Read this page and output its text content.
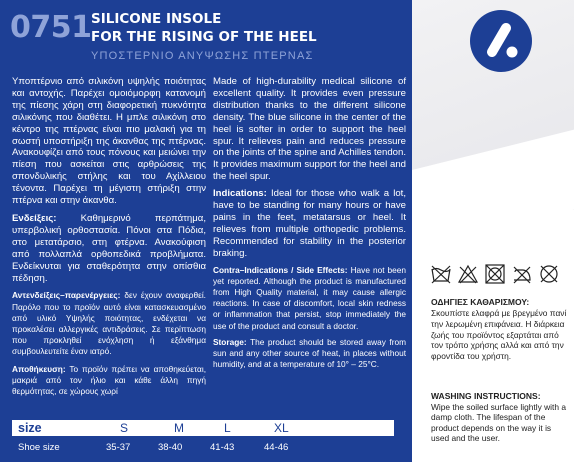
0751 SILICONE INSOLE
FOR THE RISING OF THE HEEL
ΥΠΟΣΤΕΡΝΙΟ ΑΝΥΨΩΣΗΣ ΠΤΕΡΝΑΣ

Υποπτέρνιο από σιλικόνη υψηλής ποιότητας και αντοχής. Παρέχει ομοιόμορφη κατανομή της πίεσης χάρη στη διαφορετική πυκνότητα σιλικόνης που διαθέτει. Η μπλε σιλικόνη στο κέντρο της πτέρνας είναι πιο μαλακή για τη σωστή υποστήριξη της άκανθας της πτέρνας. Ανακουφίζει από τους πόνους και μειώνει την πίεση που ασκείται στις αρθρώσεις της σπονδυλικής στήλης και του Αχίλλειου τένοντα. Παρέχει τη μέγιστη στήριξη στην πτέρνα και στην άκανθα.

Ενδείξεις:	Καθημερινό περπάτημα, υπερβολική ορθοστασία. Πόνοι στα Πόδια, στο μετατάρσιο, στη φτέρνα. Ανακούφιση από πολλαπλά ορθοπεδικά προβλήματα. Ενδείκνυται για σταθερότητα στην οπίσθια πέδηση.

Αντενδείξεις–παρενέργειες: δεν έχουν αναφερθεί. Παρόλο που το προϊόν αυτό είναι κατασκευασμένο από υλικό Υψηλής ποιότητας, ενδέχεται να προκαλέσει αλλεργικές αντιδράσεις. Σε περίπτωση που προκληθεί ενόχληση ή εξάνθημα συμβουλευτείτε έναν ιατρό.

Αποθήκευση: Το προϊόν πρέπει να αποθηκεύεται, μακριά από τον ήλιο και κάθε άλλη πηγή θερμότητας, σε χώρους χωρί

Made of high-durability medical silicone of excellent quality. It provides even pressure distribution thanks to the different silicone density. The blue silicone in the center of the heel is softer in order to support the heel spur. It relieves pain and reduces pressure on the joints of the spine and Achilles tendon. It provides maximum support for the heel and the heel spur.

Indications: Ideal for those who walk a lot, have to be standing for many hours or have pains in the feet, metatarsus or heel. It relieves from multiple orthopedic problems. Recommended for stability in the posterior braking.

Contra–Indications / Side Effects: Have not been yet reported. Although the product is manufactured from High Quality material, it may cause allergic reactions. In case of discomfort, local skin redness or inflammation that persist, stop immediately the use of the product and consult a doctor.

Storage: The product should be stored away from sun and any other source of heat, in places without humidity, and at a temperature of 10° – 25°C.

size	S	M	L	XL
Shoe size	35-37	38-40	41-43	44-46
ΟΔΗΓΙΕΣ ΚΑΘΑΡΙΣΜΟΥ:
Σκουπίστε ελαφρά με βρεγμένο πανί την λερωμένη επιφάνεια. Η διάρκεια ζωής του προϊόντος εξαρτάται από τον τρόπο χρήσης αλλά και από την φροντίδα του χρήστη.
WASHING INSTRUCTIONS:
Wipe the soiled surface lightly with a damp cloth. The lifespan of the product depends on the way it is used and the user.
